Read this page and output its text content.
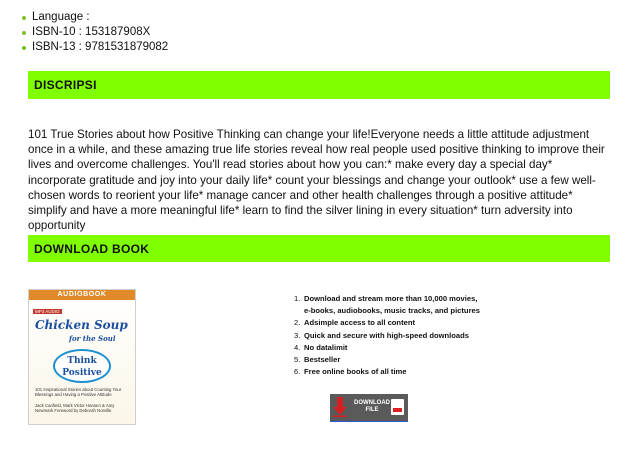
Language :
ISBN-10 : 153187908X
ISBN-13 : 9781531879082
DISCRIPSI
101 True Stories about how Positive Thinking can change your life!Everyone needs a little attitude adjustment once in a while, and these amazing true life stories reveal how real people used positive thinking to improve their lives and overcome challenges. You'll read stories about how you can:* make every day a special day* incorporate gratitude and joy into your daily life* count your blessings and change your outlook* use a few well-chosen words to reorient your life* manage cancer and other health challenges through a positive attitude* simplify and have a more meaningful life* learn to find the silver lining in every situation* turn adversity into opportunity
DOWNLOAD BOOK
AUDIOBOOK
MP3 AUDIO
Chicken Soup
for the Soul
Think
Positive
101 Inspirational Stories about Counting Your Blessings and Having a Positive Attitude
Jack Canfield, Mark Victor Hansen & Amy Newmark Foreword by Deborah Norville
1. Download and stream more than 10,000 movies,
e-books, audiobooks, music tracks, and pictures
2. Adsimple access to all content
3. Quick and secure with high-speed downloads
4. No datalimit
5. Bestseller
6. Free online books of all time
DOWNLOAD
FILE
